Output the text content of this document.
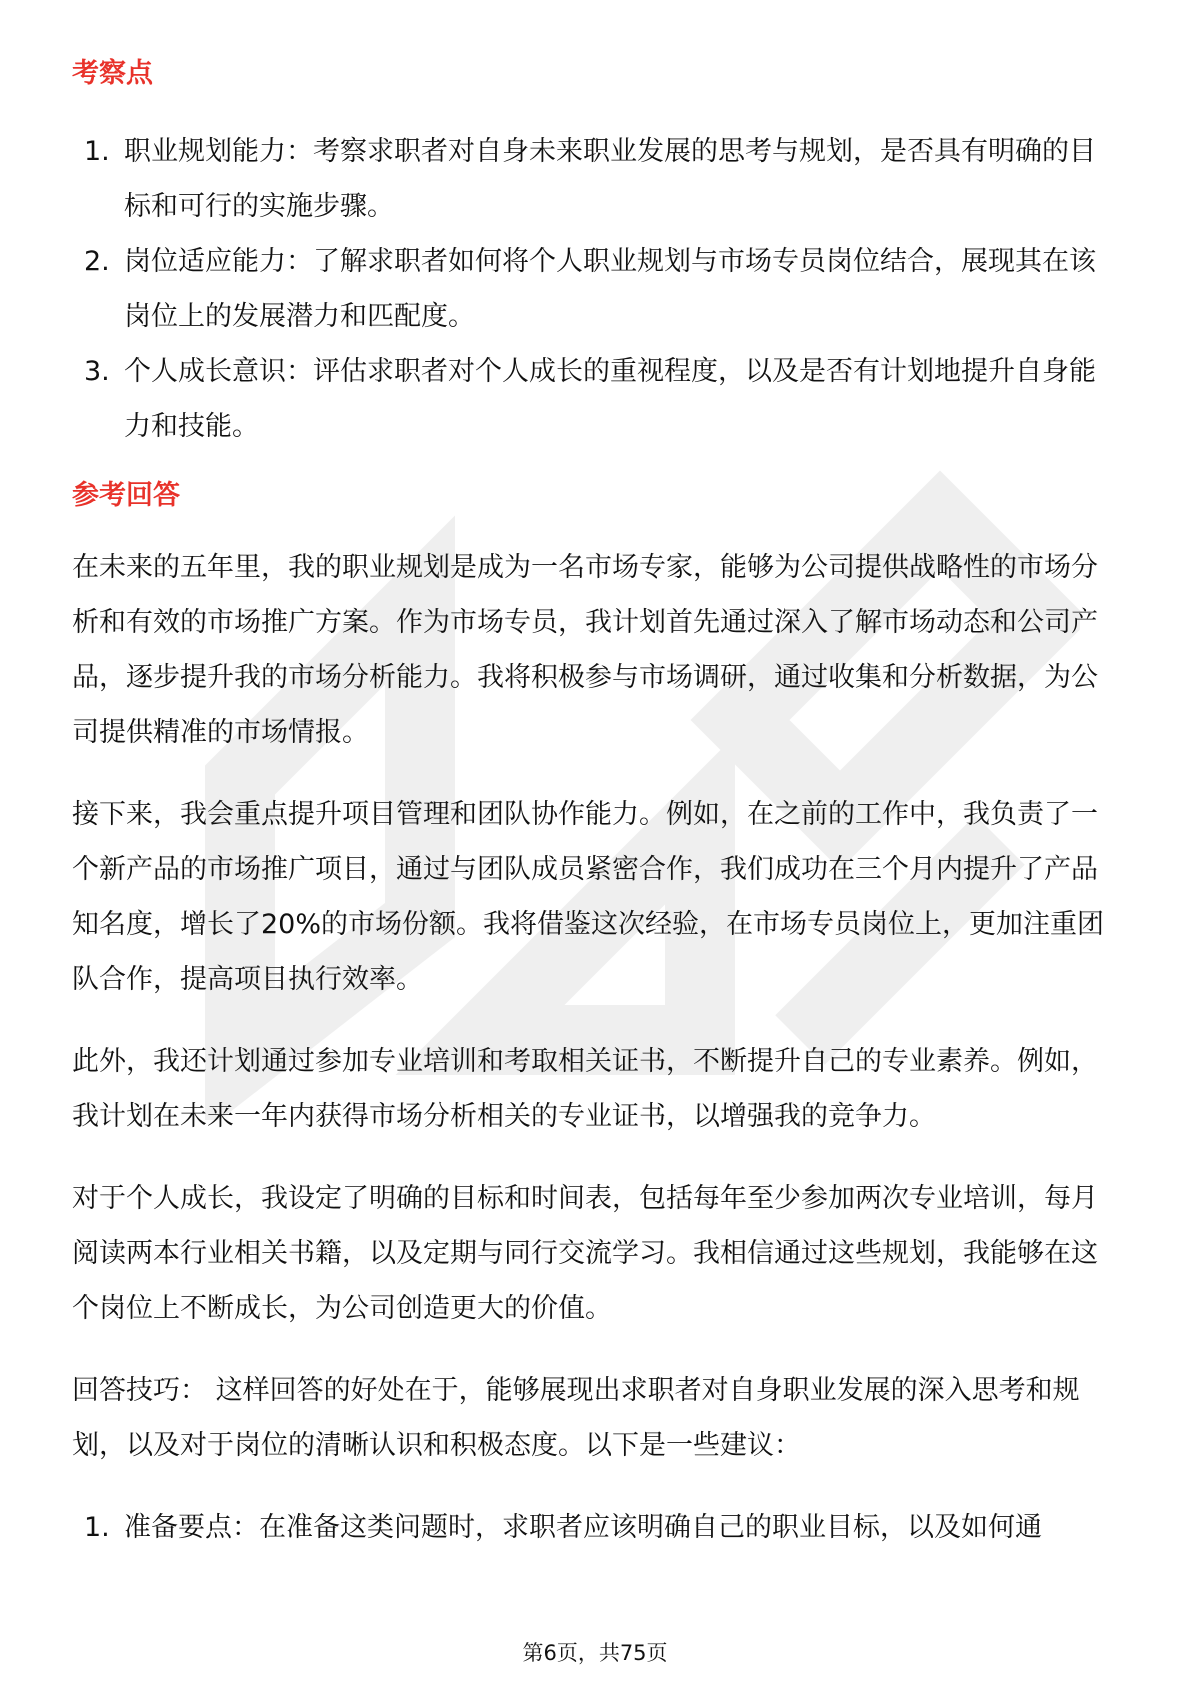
考察点
1. 职业规划能力：考察求职者对自身未来职业发展的思考与规划，是否具有明确的目标和可行的实施步骤。
2. 岗位适应能力：了解求职者如何将个人职业规划与市场专员岗位结合，展现其在该岗位上的发展潜力和匹配度。
3. 个人成长意识：评估求职者对个人成长的重视程度，以及是否有计划地提升自身能力和技能。
参考回答

在未来的五年里，我的职业规划是成为一名市场专家，能够为公司提供战略性的市场分析和有效的市场推广方案。作为市场专员，我计划首先通过深入了解市场动态和公司产品，逐步提升我的市场分析能力。我将积极参与市场调研，通过收集和分析数据，为公司提供精准的市场情报。

接下来，我会重点提升项目管理和团队协作能力。例如，在之前的工作中，我负责了一个新产品的市场推广项目，通过与团队成员紧密合作，我们成功在三个月内提升了产品知名度，增长了20%的市场份额。我将借鉴这次经验，在市场专员岗位上，更加注重团队合作，提高项目执行效率。

此外，我还计划通过参加专业培训和考取相关证书，不断提升自己的专业素养。例如，我计划在未来一年内获得市场分析相关的专业证书，以增强我的竞争力。

对于个人成长，我设定了明确的目标和时间表，包括每年至少参加两次专业培训，每月阅读两本行业相关书籍，以及定期与同行交流学习。我相信通过这些规划，我能够在这个岗位上不断成长，为公司创造更大的价值。

回答技巧： 这样回答的好处在于，能够展现出求职者对自身职业发展的深入思考和规划，以及对于岗位的清晰认识和积极态度。以下是一些建议：

1. 准备要点：在准备这类问题时，求职者应该明确自己的职业目标，以及如何通
第6页，共75页
